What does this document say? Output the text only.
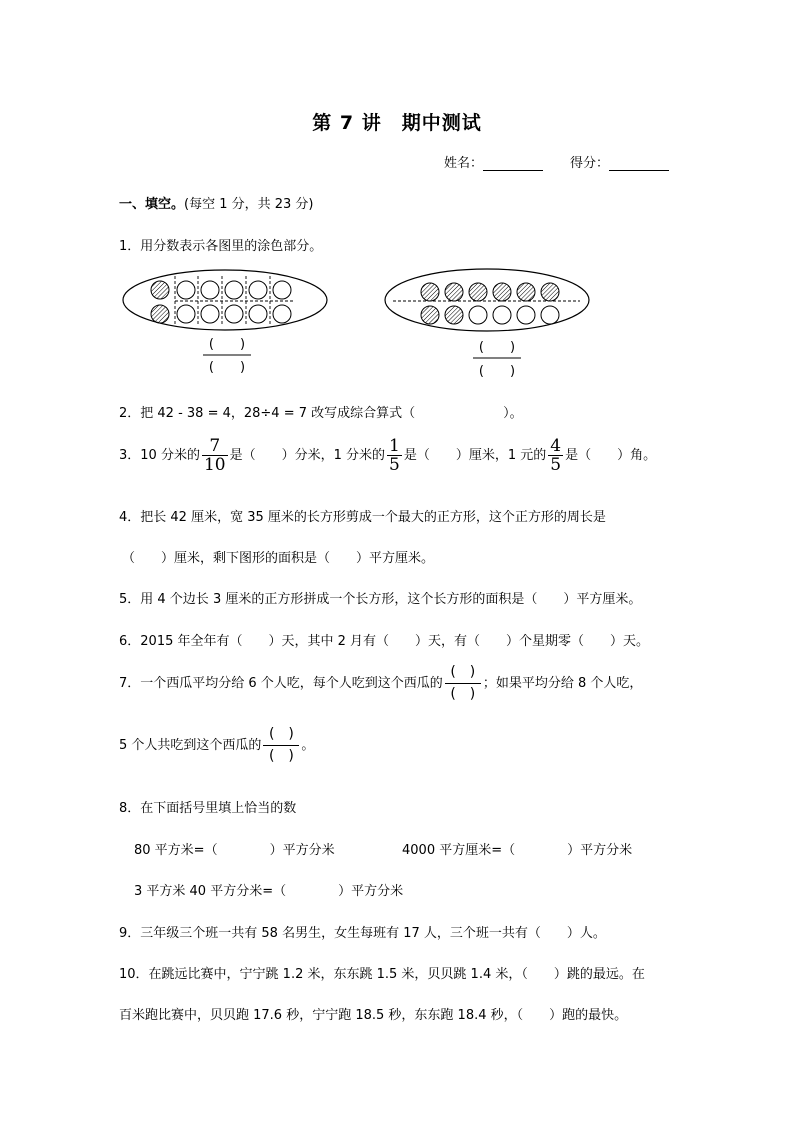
第 7 讲　期中测试
姓名：	得分：
一、填空。(每空 1 分，共 23 分)
1．用分数表示各图里的涂色部分。
(　　)
(　　)
(　　)
(　　)
2．把 42 - 38 = 4，28÷4 = 7 改写成综合算式（	）。
3．10 分米的 $\frac{7}{10}$ 是（　　）分米，1 分米的 $\frac{1}{5}$ 是（　　）厘米，1 元的 $\frac{4}{5}$ 是（　　）角。
4．把长 42 厘米，宽 35 厘米的长方形剪成一个最大的正方形，这个正方形的周长是
（　　）厘米，剩下图形的面积是（　　）平方厘米。
5．用 4 个边长 3 厘米的正方形拼成一个长方形，这个长方形的面积是（　　）平方厘米。
6．2015 年全年有（　　）天，其中 2 月有（　　）天，有（　　）个星期零（　　）天。
7．一个西瓜平均分给 6 个人吃，每个人吃到这个西瓜的
(　)
(　)
；如果平均分给 8 个人吃，
5 个人共吃到这个西瓜的
(　)
(　)
。
8．在下面括号里填上恰当的数
80 平方米=（　　　　）平方分米	4000 平方厘米=（　　　　）平方分米
3 平方米 40 平方分米=（　　　　）平方分米
9．三年级三个班一共有 58 名男生，女生每班有 17 人，三个班一共有（　　）人。
10．在跳远比赛中，宁宁跳 1.2 米，东东跳 1.5 米，贝贝跳 1.4 米，（　　）跳的最远。在
百米跑比赛中，贝贝跑 17.6 秒，宁宁跑 18.5 秒，东东跑 18.4 秒，（　　）跑的最快。
